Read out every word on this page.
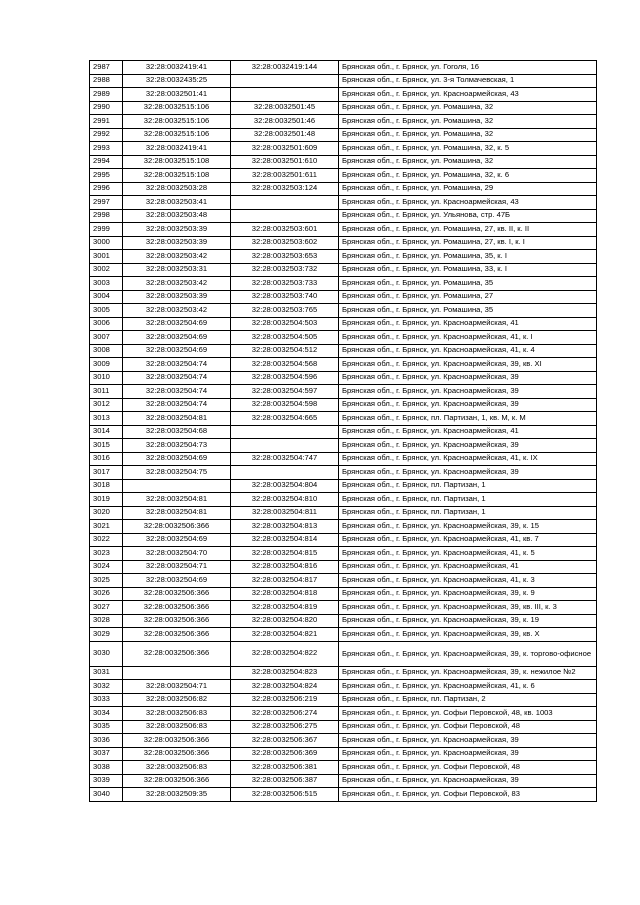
2987	32:28:0032419:41	32:28:0032419:144	Брянская обл., г. Брянск, ул. Гоголя, 16
2988	32:28:0032435:25		Брянская обл., г. Брянск, ул. 3-я Толмачевская, 1
2989	32:28:0032501:41		Брянская обл., г. Брянск, ул. Красноармейская, 43
2990	32:28:0032515:106	32:28:0032501:45	Брянская обл., г. Брянск, ул. Ромашина, 32
2991	32:28:0032515:106	32:28:0032501:46	Брянская обл., г. Брянск, ул. Ромашина, 32
2992	32:28:0032515:106	32:28:0032501:48	Брянская обл., г. Брянск, ул. Ромашина, 32
2993	32:28:0032419:41	32:28:0032501:609	Брянская обл., г. Брянск, ул. Ромашина, 32, к. 5
2994	32:28:0032515:108	32:28:0032501:610	Брянская обл., г. Брянск, ул. Ромашина, 32
2995	32:28:0032515:108	32:28:0032501:611	Брянская обл., г. Брянск, ул. Ромашина, 32, к. 6
2996	32:28:0032503:28	32:28:0032503:124	Брянская обл., г. Брянск, ул. Ромашина, 29
2997	32:28:0032503:41		Брянская обл., г. Брянск, ул. Красноармейская, 43
2998	32:28:0032503:48		Брянская обл., г. Брянск, ул. Ульянова, стр. 47Б
2999	32:28:0032503:39	32:28:0032503:601	Брянская обл., г. Брянск, ул. Ромашина, 27, кв. II, к. II
3000	32:28:0032503:39	32:28:0032503:602	Брянская обл., г. Брянск, ул. Ромашина, 27, кв. I, к. I
3001	32:28:0032503:42	32:28:0032503:653	Брянская обл., г. Брянск, ул. Ромашина, 35, к. I
3002	32:28:0032503:31	32:28:0032503:732	Брянская обл., г. Брянск, ул. Ромашина, 33, к. I
3003	32:28:0032503:42	32:28:0032503:733	Брянская обл., г. Брянск, ул. Ромашина, 35
3004	32:28:0032503:39	32:28:0032503:740	Брянская обл., г. Брянск, ул. Ромашина, 27
3005	32:28:0032503:42	32:28:0032503:765	Брянская обл., г. Брянск, ул. Ромашина, 35
3006	32:28:0032504:69	32:28:0032504:503	Брянская обл., г. Брянск, ул. Красноармейская, 41
3007	32:28:0032504:69	32:28:0032504:505	Брянская обл., г. Брянск, ул. Красноармейская, 41, к. I
3008	32:28:0032504:69	32:28:0032504:512	Брянская обл., г. Брянск, ул. Красноармейская, 41, к. 4
3009	32:28:0032504:74	32:28:0032504:568	Брянская обл., г. Брянск, ул. Красноармейская, 39, кв. XI
3010	32:28:0032504:74	32:28:0032504:596	Брянская обл., г. Брянск, ул. Красноармейская, 39
3011	32:28:0032504:74	32:28:0032504:597	Брянская обл., г. Брянск, ул. Красноармейская, 39
3012	32:28:0032504:74	32:28:0032504:598	Брянская обл., г. Брянск, ул. Красноармейская, 39
3013	32:28:0032504:81	32:28:0032504:665	Брянская обл., г. Брянск, пл. Партизан, 1, кв. М, к. М
3014	32:28:0032504:68		Брянская обл., г. Брянск, ул. Красноармейская, 41
3015	32:28:0032504:73		Брянская обл., г. Брянск, ул. Красноармейская, 39
3016	32:28:0032504:69	32:28:0032504:747	Брянская обл., г. Брянск, ул. Красноармейская, 41, к. IX
3017	32:28:0032504:75		Брянская обл., г. Брянск, ул. Красноармейская, 39
3018		32:28:0032504:804	Брянская обл., г. Брянск, пл. Партизан, 1
3019	32:28:0032504:81	32:28:0032504:810	Брянская обл., г. Брянск, пл. Партизан, 1
3020	32:28:0032504:81	32:28:0032504:811	Брянская обл., г. Брянск, пл. Партизан, 1
3021	32:28:0032506:366	32:28:0032504:813	Брянская обл., г. Брянск, ул. Красноармейская, 39, к. 15
3022	32:28:0032504:69	32:28:0032504:814	Брянская обл., г. Брянск, ул. Красноармейская, 41, кв. 7
3023	32:28:0032504:70	32:28:0032504:815	Брянская обл., г. Брянск, ул. Красноармейская, 41, к. 5
3024	32:28:0032504:71	32:28:0032504:816	Брянская обл., г. Брянск, ул. Красноармейская, 41
3025	32:28:0032504:69	32:28:0032504:817	Брянская обл., г. Брянск, ул. Красноармейская, 41, к. 3
3026	32:28:0032506:366	32:28:0032504:818	Брянская обл., г. Брянск, ул. Красноармейская, 39, к. 9
3027	32:28:0032506:366	32:28:0032504:819	Брянская обл., г. Брянск, ул. Красноармейская, 39, кв. III, к. 3
3028	32:28:0032506:366	32:28:0032504:820	Брянская обл., г. Брянск, ул. Красноармейская, 39, к. 19
3029	32:28:0032506:366	32:28:0032504:821	Брянская обл., г. Брянск, ул. Красноармейская, 39, кв. X
3030	32:28:0032506:366	32:28:0032504:822	Брянская обл., г. Брянск, ул. Красноармейская, 39, к. торгово-офисное
3031		32:28:0032504:823	Брянская обл., г. Брянск, ул. Красноармейская, 39, к. нежилое №2
3032	32:28:0032504:71	32:28:0032504:824	Брянская обл., г. Брянск, ул. Красноармейская, 41, к. 6
3033	32:28:0032506:82	32:28:0032506:219	Брянская обл., г. Брянск, пл. Партизан, 2
3034	32:28:0032506:83	32:28:0032506:274	Брянская обл., г. Брянск, ул. Софьи Перовской, 48, кв. 1003
3035	32:28:0032506:83	32:28:0032506:275	Брянская обл., г. Брянск, ул. Софьи Перовской, 48
3036	32:28:0032506:366	32:28:0032506:367	Брянская обл., г. Брянск, ул. Красноармейская, 39
3037	32:28:0032506:366	32:28:0032506:369	Брянская обл., г. Брянск, ул. Красноармейская, 39
3038	32:28:0032506:83	32:28:0032506:381	Брянская обл., г. Брянск, ул. Софьи Перовской, 48
3039	32:28:0032506:366	32:28:0032506:387	Брянская обл., г. Брянск, ул. Красноармейская, 39
3040	32:28:0032509:35	32:28:0032506:515	Брянская обл., г. Брянск, ул. Софьи Перовской, 83
